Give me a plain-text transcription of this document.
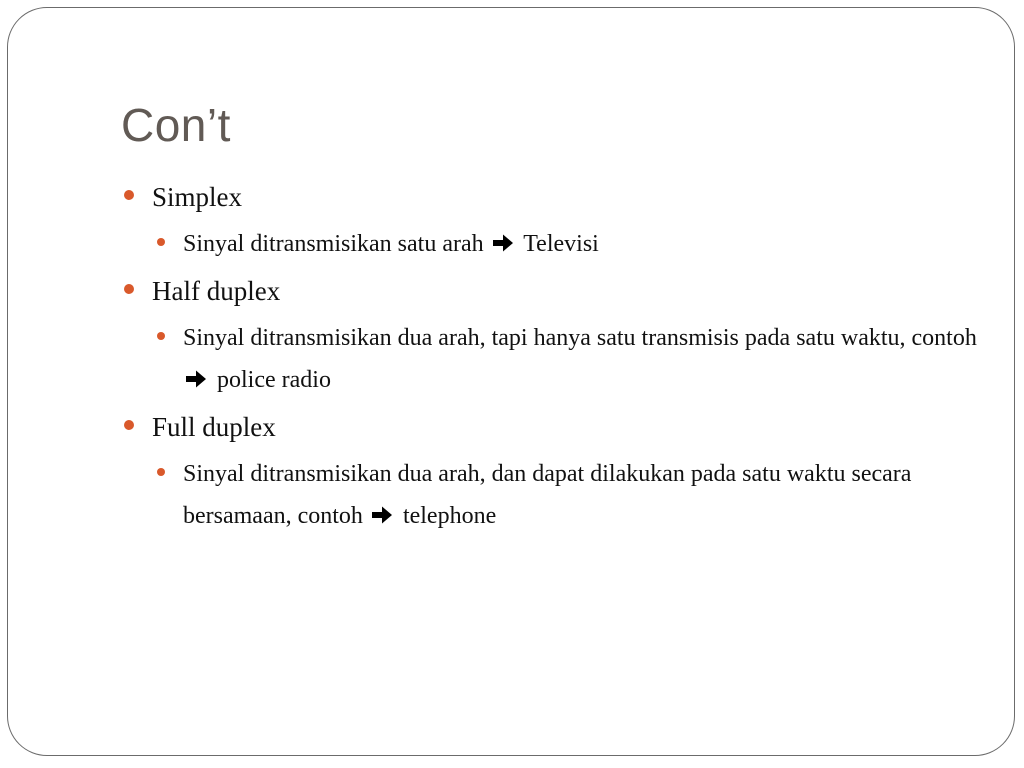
Con’t
Simplex
Sinyal ditransmisikan satu arah Televisi
Half duplex
Sinyal ditransmisikan dua arah, tapi hanya satu transmisis pada satu waktu, contoh  police radio
Full duplex
Sinyal ditransmisikan dua arah, dan dapat dilakukan pada satu waktu secara bersamaan, contoh telephone
